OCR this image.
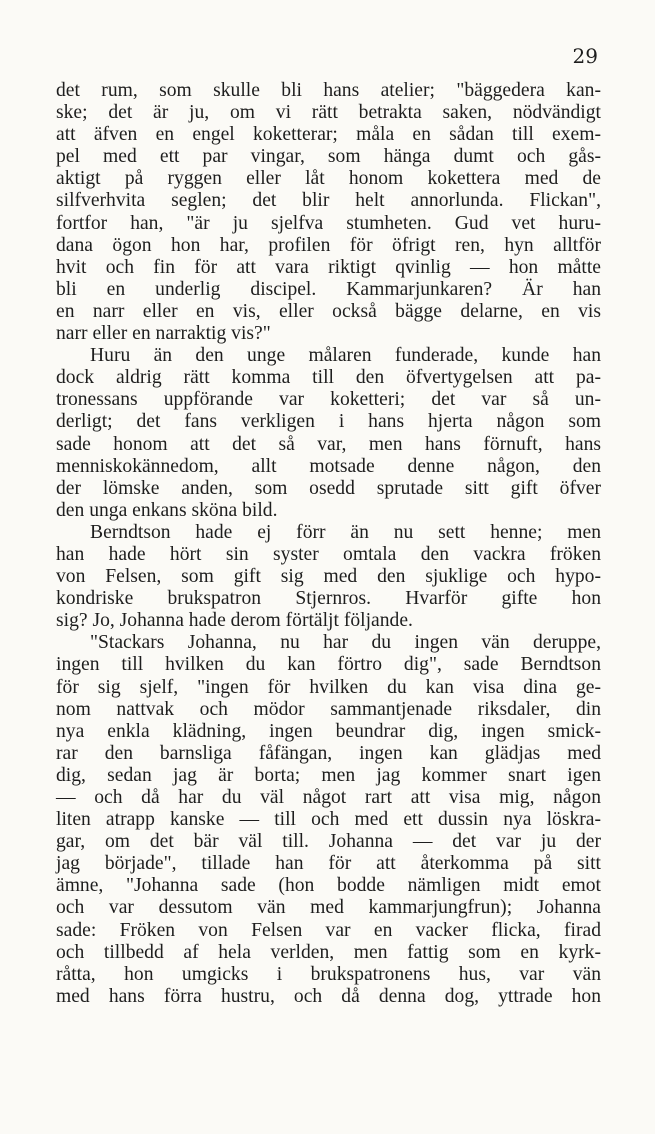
29
det rum, som skulle bli hans atelier; "bäggedera kan-
ske; det är ju, om vi rätt betrakta saken, nödvändigt
att äfven en engel koketterar; måla en sådan till exem-
pel med ett par vingar, som hänga dumt och gås-
aktigt på ryggen eller låt honom kokettera med de
silfverhvita seglen; det blir helt annorlunda. Flickan",
fortfor han, "är ju sjelfva stumheten. Gud vet huru-
dana ögon hon har, profilen för öfrigt ren, hyn alltför
hvit och fin för att vara riktigt qvinlig — hon måtte
bli en underlig discipel. Kammarjunkaren? Är han
en narr eller en vis, eller också bägge delarne, en vis
narr eller en narraktig vis?"
Huru än den unge målaren funderade, kunde han
dock aldrig rätt komma till den öfvertygelsen att pa-
tronessans uppförande var koketteri; det var så un-
derligt; det fans verkligen i hans hjerta någon som
sade honom att det så var, men hans förnuft, hans
menniskokännedom, allt motsade denne någon, den
der lömske anden, som osedd sprutade sitt gift öfver
den unga enkans sköna bild.
Berndtson hade ej förr än nu sett henne; men
han hade hört sin syster omtala den vackra fröken
von Felsen, som gift sig med den sjuklige och hypo-
kondriske brukspatron Stjernros. Hvarför gifte hon
sig? Jo, Johanna hade derom förtäljt följande.
"Stackars Johanna, nu har du ingen vän deruppe,
ingen till hvilken du kan förtro dig", sade Berndtson
för sig sjelf, "ingen för hvilken du kan visa dina ge-
nom nattvak och mödor sammantjenade riksdaler, din
nya enkla klädning, ingen beundrar dig, ingen smick-
rar den barnsliga fåfängan, ingen kan glädjas med
dig, sedan jag är borta; men jag kommer snart igen
— och då har du väl något rart att visa mig, någon
liten atrapp kanske — till och med ett dussin nya löskra-
gar, om det bär väl till. Johanna — det var ju der
jag började", tillade han för att återkomma på sitt
ämne, "Johanna sade (hon bodde nämligen midt emot
och var dessutom vän med kammarjungfrun); Johanna
sade: Fröken von Felsen var en vacker flicka, firad
och tillbedd af hela verlden, men fattig som en kyrk-
råtta, hon umgicks i brukspatronens hus, var vän
med hans förra hustru, och då denna dog, yttrade hon
